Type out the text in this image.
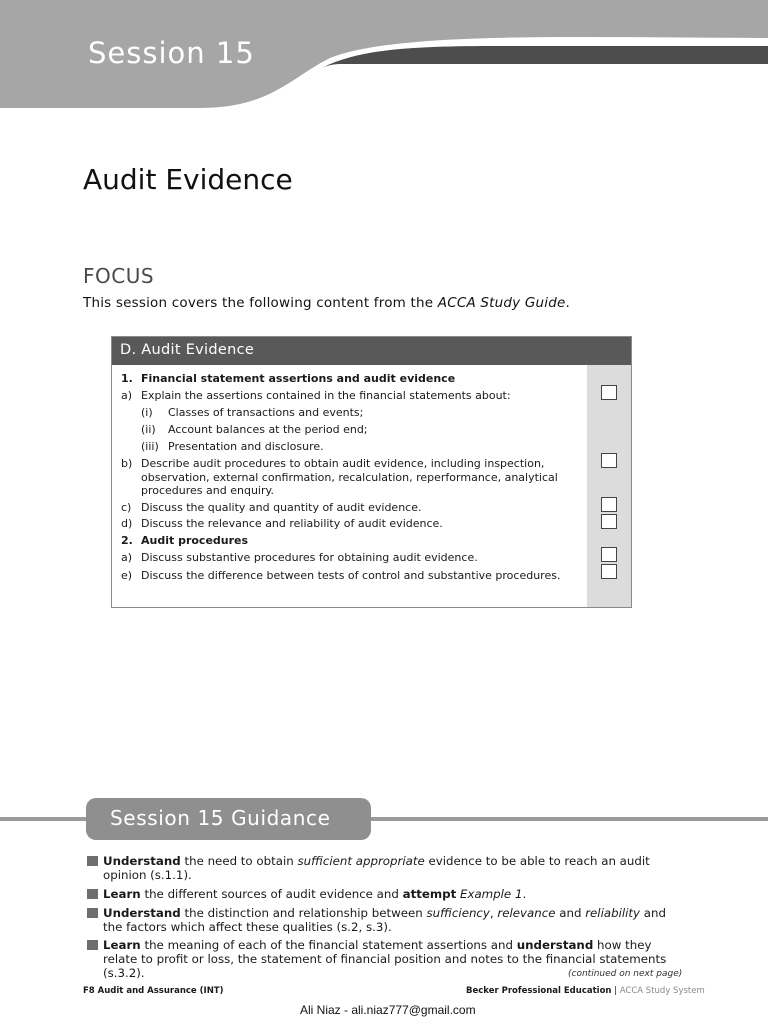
Session 15
Audit Evidence
FOCUS
This session covers the following content from the ACCA Study Guide.
D. Audit Evidence
1. Financial statement assertions and audit evidence
a) Explain the assertions contained in the financial statements about:
(i) Classes of transactions and events;
(ii) Account balances at the period end;
(iii) Presentation and disclosure.
b) Describe audit procedures to obtain audit evidence, including inspection, observation, external confirmation, recalculation, reperformance, analytical procedures and enquiry.
c) Discuss the quality and quantity of audit evidence.
d) Discuss the relevance and reliability of audit evidence.
2. Audit procedures
a) Discuss substantive procedures for obtaining audit evidence.
e) Discuss the difference between tests of control and substantive procedures.
Session 15 Guidance
Understand the need to obtain sufficient appropriate evidence to be able to reach an audit opinion (s.1.1).
Learn the different sources of audit evidence and attempt Example 1.
Understand the distinction and relationship between sufficiency, relevance and reliability and the factors which affect these qualities (s.2, s.3).
Learn the meaning of each of the financial statement assertions and understand how they relate to profit or loss, the statement of financial position and notes to the financial statements (s.3.2).	(continued on next page)
F8 Audit and Assurance (INT)	Becker Professional Education | ACCA Study System
Ali Niaz - ali.niaz777@gmail.com
